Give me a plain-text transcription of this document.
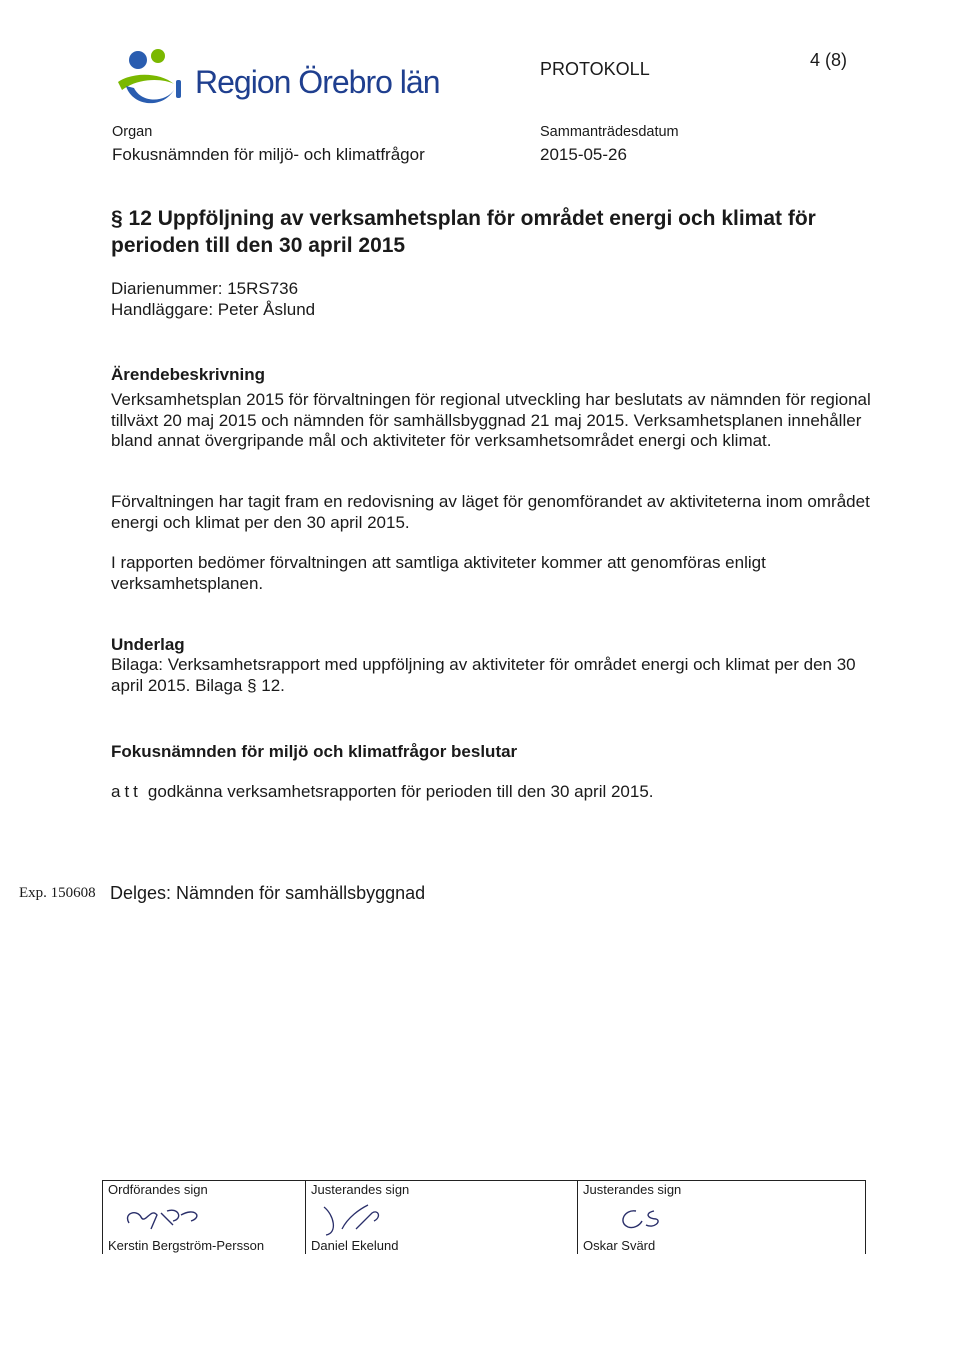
Region Örebro län	PROTOKOLL	4 (8)
Organ
Fokusnämnden för miljö- och klimatfrågor
Sammanträdesdatum
2015-05-26
§ 12 Uppföljning av verksamhetsplan för området energi och klimat för perioden till den 30 april 2015
Diarienummer: 15RS736
Handläggare: Peter Åslund
Ärendebeskrivning
Verksamhetsplan 2015 för förvaltningen för regional utveckling har beslutats av nämnden för regional tillväxt 20 maj 2015 och nämnden för samhällsbyggnad 21 maj 2015. Verksamhetsplanen innehåller bland annat övergripande mål och aktiviteter för verksamhetsområdet energi och klimat.
Förvaltningen har tagit fram en redovisning av läget för genomförandet av aktiviteterna inom området energi och klimat per den 30 april 2015.
I rapporten bedömer förvaltningen att samtliga aktiviteter kommer att genomföras enligt verksamhetsplanen.
Underlag
Bilaga: Verksamhetsrapport med uppföljning av aktiviteter för området energi och klimat per den 30 april 2015. Bilaga § 12.
Fokusnämnden för miljö och klimatfrågor beslutar
att godkänna verksamhetsrapporten för perioden till den 30 april 2015.
Exp. 150608 Delges: Nämnden för samhällsbyggnad
Ordförandes sign
Kerstin Bergström-Persson
Justerandes sign
Daniel Ekelund
Justerandes sign
Oskar Svärd
